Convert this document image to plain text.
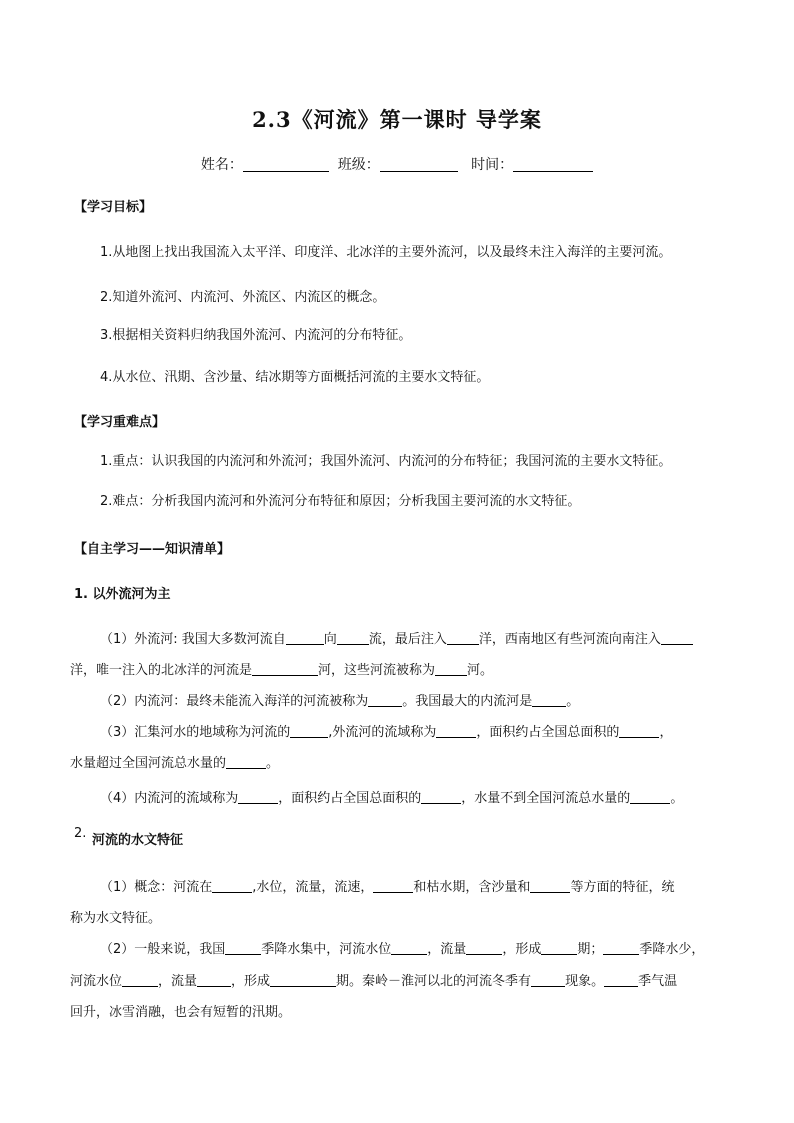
2.3《河流》第一课时 导学案
姓名：	班级：	时间：
【学习目标】
1.从地图上找出我国流入太平洋、印度洋、北冰洋的主要外流河，以及最终未注入海洋的主要河流。
2.知道外流河、内流河、外流区、内流区的概念。
3.根据相关资料归纳我国外流河、内流河的分布特征。
4.从水位、汛期、含沙量、结冰期等方面概括河流的主要水文特征。
【学习重难点】
1.重点：认识我国的内流河和外流河；我国外流河、内流河的分布特征；我国河流的主要水文特征。
2.难点：分析我国内流河和外流河分布特征和原因；分析我国主要河流的水文特征。
【自主学习——知识清单】
1. 以外流河为主
（1）外流河: 我国大多数河流自	向 流，最后注入 洋，西南地区有些河流向南注入
洋，唯一注入的北冰洋的河流是	河，这些河流被称为 河。
（2）内流河：最终未能流入海洋的河流被称为	。我国最大的内流河是	。
（3）汇集河水的地域称为河流的	,外流河的流域称为	，面积约占全国总面积的	，
水量超过全国河流总水量的	。
（4）内流河的流域称为	，面积约占全国总面积的	，水量不到全国河流总水量的	。
2. 河流的水文特征
（1）概念：河流在	,水位，流量，流速，	和枯水期，含沙量和	等方面的特征，统
称为水文特征。
（2）一般来说，我国	季降水集中，河流水位	，流量	，形成	期；	季降水少，
河流水位	，流量	，形成	期。秦岭－淮河以北的河流冬季有	现象。	季气温
回升，冰雪消融，也会有短暂的汛期。
